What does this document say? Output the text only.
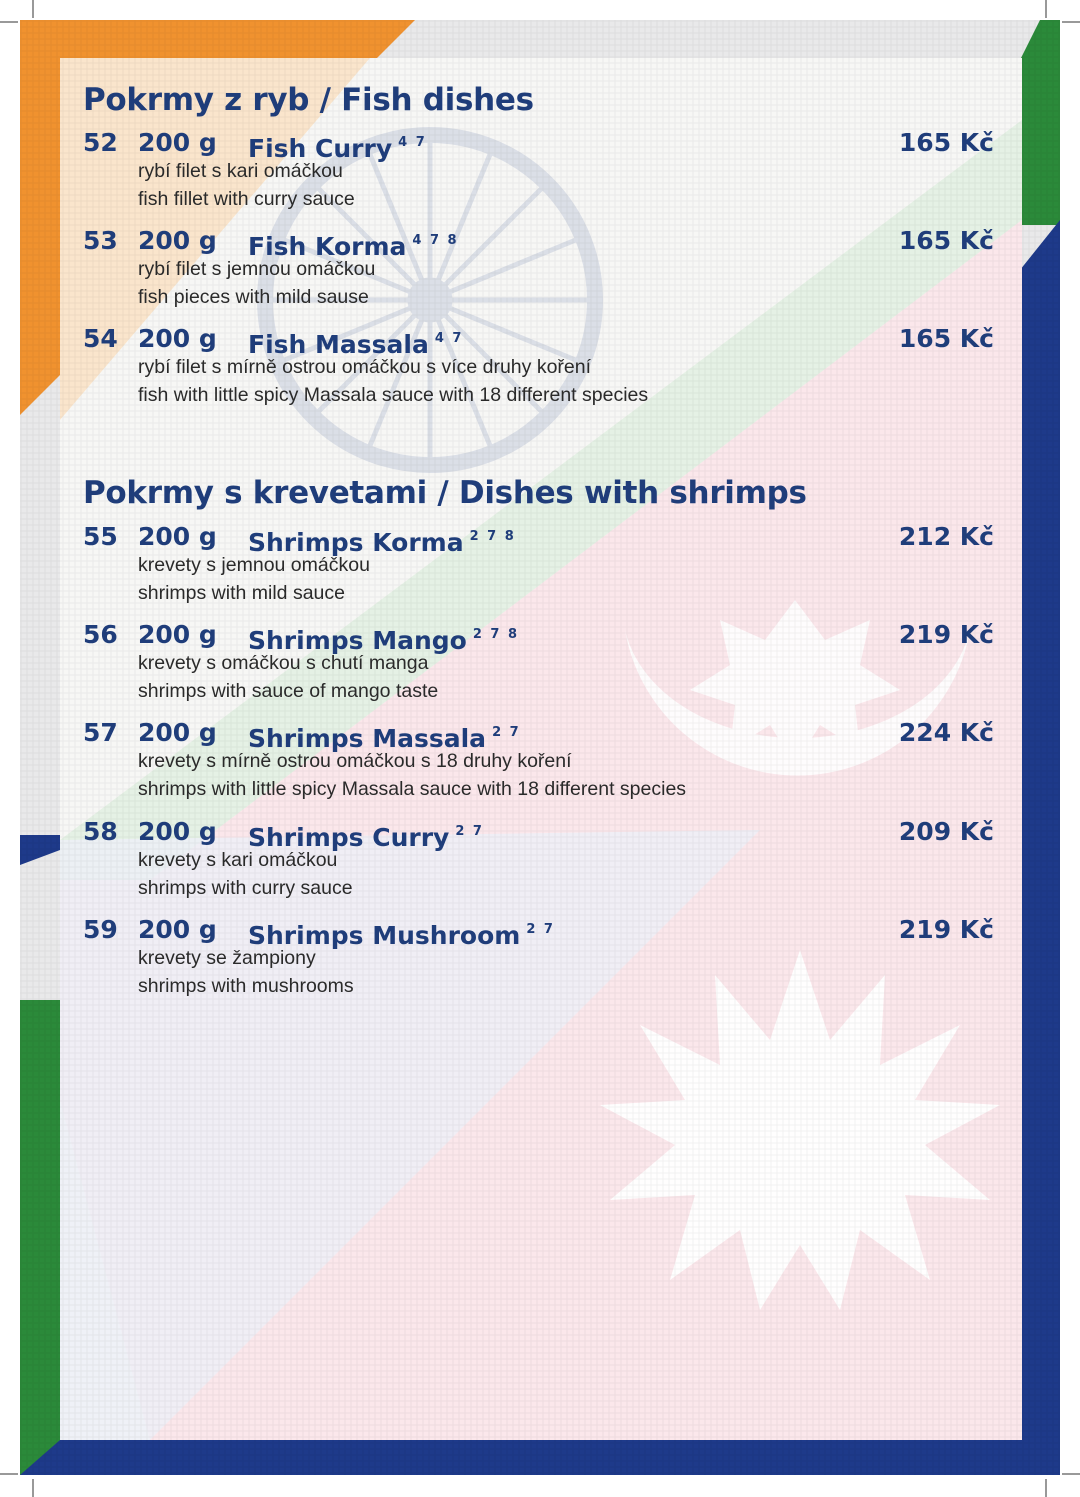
Pokrmy z ryb / Fish dishes
52 200 g Fish Curry $^{4 7}$	165 Kč
rybí filet s kari omáčkou
fish fillet with curry sauce
53 200 g Fish Korma $^{4 7 8}$	165 Kč
rybí filet s jemnou omáčkou
fish pieces with mild sause
54 200 g Fish Massala $^{4 7}$	165 Kč
rybí filet s mírně ostrou omáčkou s více druhy koření
fish with little spicy Massala sauce with 18 different species
Pokrmy s krevetami / Dishes with shrimps
55 200 g Shrimps Korma $^{2 7 8}$	212 Kč
krevety s jemnou omáčkou
shrimps with mild sauce
56 200 g Shrimps Mango $^{2 7 8}$	219 Kč
krevety s omáčkou s chutí manga
shrimps with sauce of mango taste
57 200 g Shrimps Massala $^{2 7}$	224 Kč
krevety s mírně ostrou omáčkou s 18 druhy koření
shrimps with little spicy Massala sauce with 18 different species
58 200 g Shrimps Curry $^{2 7}$	209 Kč
krevety s kari omáčkou
shrimps with curry sauce
59 200 g Shrimps Mushroom $^{2 7}$	219 Kč
krevety se žampiony
shrimps with mushrooms
